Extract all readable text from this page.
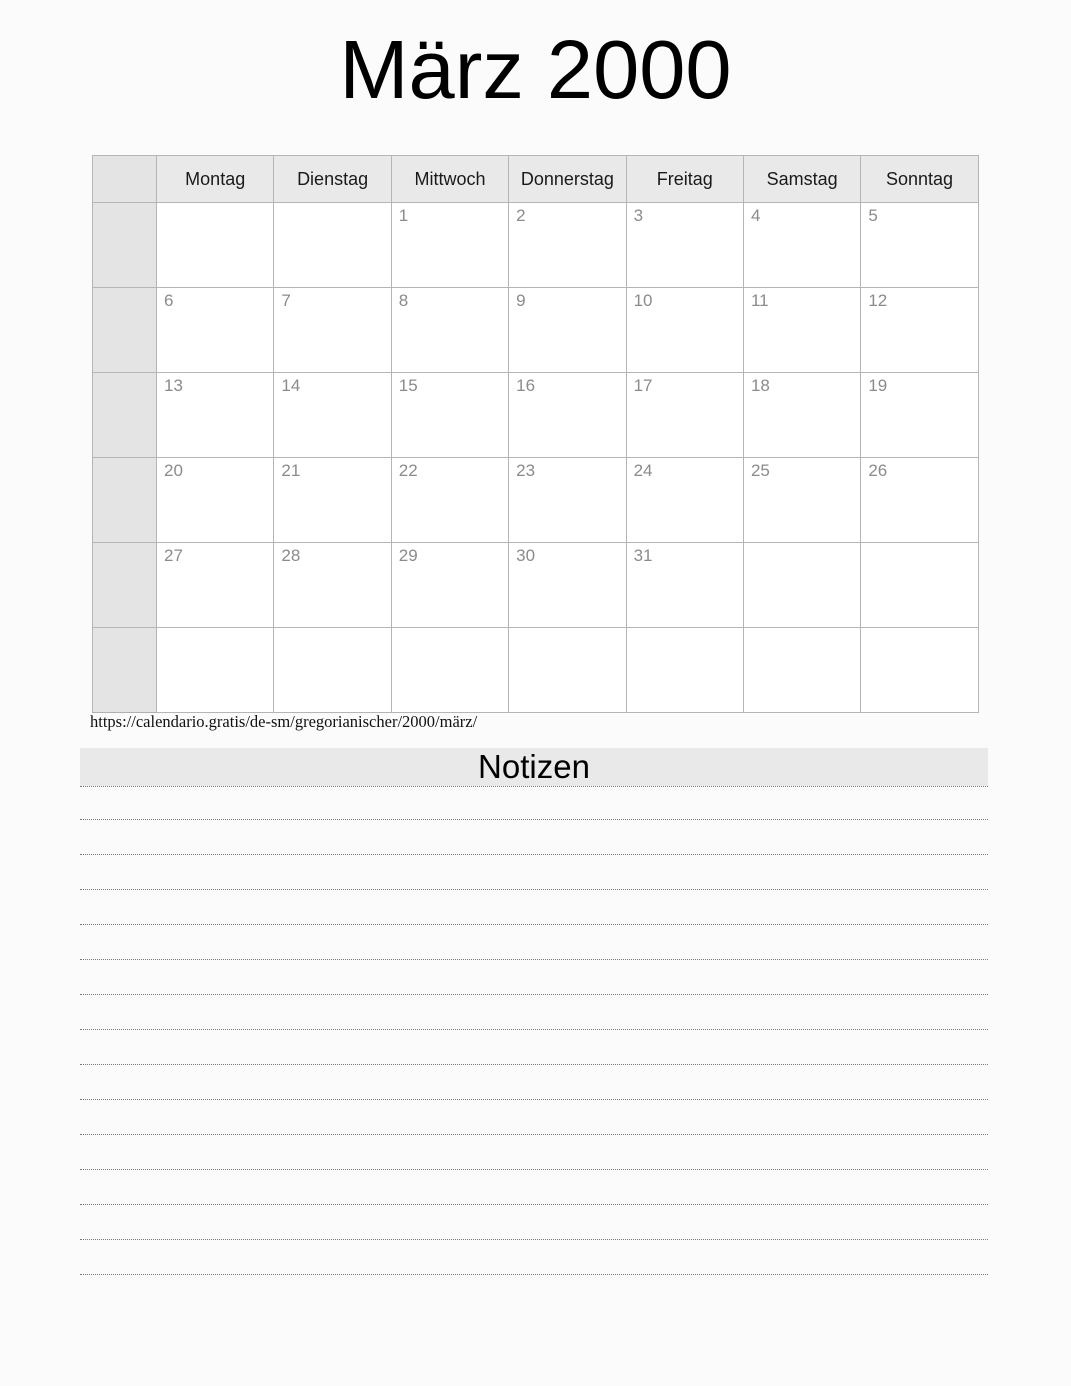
März 2000
	Montag	Dienstag	Mittwoch	Donnerstag	Freitag	Samstag	Sonntag

			1	2	3	4	5

	6	7	8	9	10	11	12

	13	14	15	16	17	18	19

	20	21	22	23	24	25	26

	27	28	29	30	31		

https://calendario.gratis/de-sm/gregorianischer/2000/märz/
Notizen
